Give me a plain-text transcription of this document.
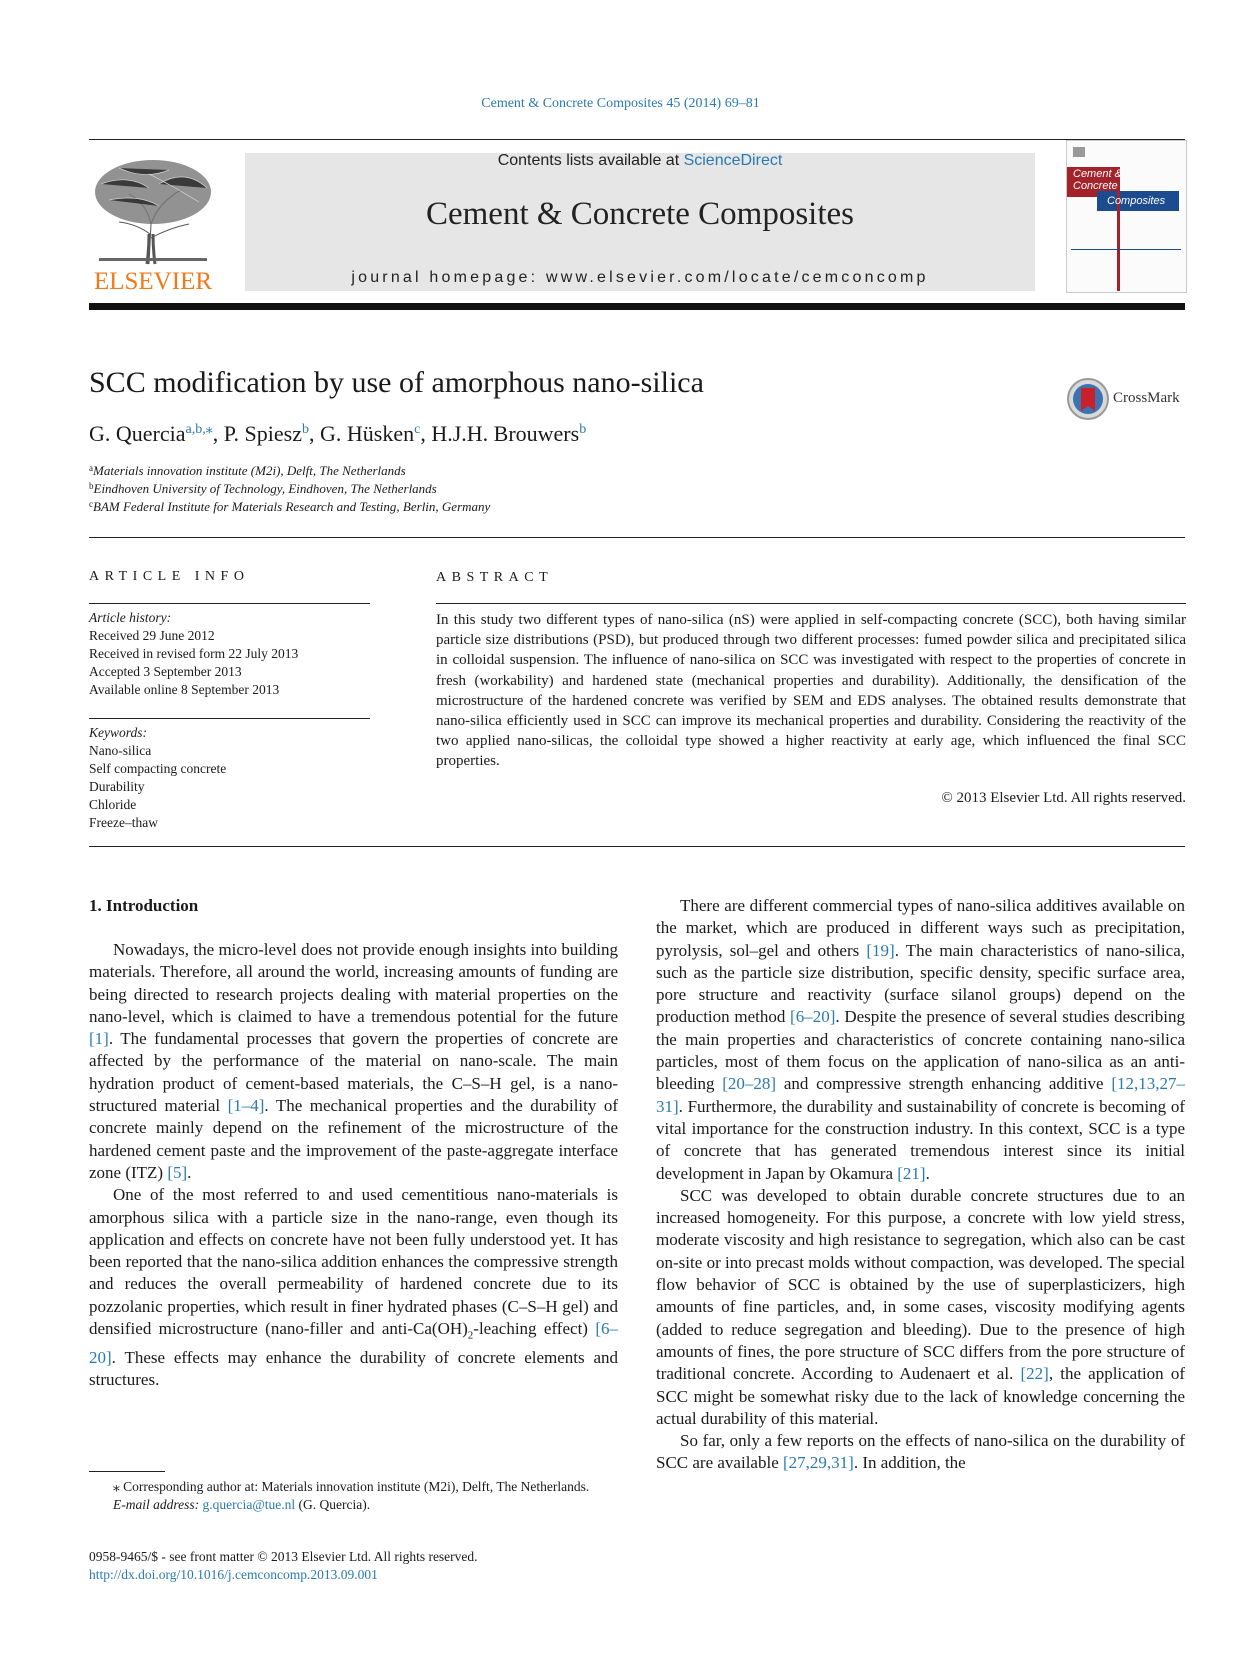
Cement & Concrete Composites 45 (2014) 69–81
ELSEVIER
Contents lists available at ScienceDirect
Cement & Concrete Composites
journal homepage: www.elsevier.com/locate/cemconcomp
Cement &
Concrete
Composites
SCC modification by use of amorphous nano-silica	CrossMark
G. Quercia$^{a,b,⁎}$, P. Spiesz$^b$, G. Hüsken$^c$, H.J.H. Brouwers$^b$
$^a$Materials innovation institute (M2i), Delft, The Netherlands
$^b$Eindhoven University of Technology, Eindhoven, The Netherlands
$^c$BAM Federal Institute for Materials Research and Testing, Berlin, Germany
ARTICLE INFO
Article history:
Received 29 June 2012
Received in revised form 22 July 2013
Accepted 3 September 2013
Available online 8 September 2013
Keywords:
Nano-silica
Self compacting concrete
Durability
Chloride
Freeze–thaw
ABSTRACT
In this study two different types of nano-silica (nS) were applied in self-compacting concrete (SCC), both having similar particle size distributions (PSD), but produced through two different processes: fumed powder silica and precipitated silica in colloidal suspension. The influence of nano-silica on SCC was investigated with respect to the properties of concrete in fresh (workability) and hardened state (mechanical properties and durability). Additionally, the densification of the microstructure of the hardened concrete was verified by SEM and EDS analyses. The obtained results demonstrate that nano-silica efficiently used in SCC can improve its mechanical properties and durability. Considering the reactivity of the two applied nano-silicas, the colloidal type showed a higher reactivity at early age, which influenced the final SCC properties.
© 2013 Elsevier Ltd. All rights reserved.
1. Introduction

Nowadays, the micro-level does not provide enough insights into building materials. Therefore, all around the world, increasing amounts of funding are being directed to research projects dealing with material properties on the nano-level, which is claimed to have a tremendous potential for the future [1]. The fundamental processes that govern the properties of concrete are affected by the performance of the material on nano-scale. The main hydration product of cement-based materials, the C–S–H gel, is a nano-structured material [1–4]. The mechanical properties and the durability of concrete mainly depend on the refinement of the microstructure of the hardened cement paste and the improvement of the paste-aggregate interface zone (ITZ) [5].

One of the most referred to and used cementitious nano-materials is amorphous silica with a particle size in the nano-range, even though its application and effects on concrete have not been fully understood yet. It has been reported that the nano-silica addition enhances the compressive strength and reduces the overall permeability of hardened concrete due to its pozzolanic properties, which result in finer hydrated phases (C–S–H gel) and densified microstructure (nano-filler and anti-$Ca(OH)_2$-leaching effect) [6–20]. These effects may enhance the durability of concrete elements and structures.

There are different commercial types of nano-silica additives available on the market, which are produced in different ways such as precipitation, pyrolysis, sol–gel and others [19]. The main characteristics of nano-silica, such as the particle size distribution, specific density, specific surface area, pore structure and reactivity (surface silanol groups) depend on the production method [6–20]. Despite the presence of several studies describing the main properties and characteristics of concrete containing nano-silica particles, most of them focus on the application of nano-silica as an anti-bleeding [20–28] and compressive strength enhancing additive [12,13,27–31]. Furthermore, the durability and sustainability of concrete is becoming of vital importance for the construction industry. In this context, SCC is a type of concrete that has generated tremendous interest since its initial development in Japan by Okamura [21].

SCC was developed to obtain durable concrete structures due to an increased homogeneity. For this purpose, a concrete with low yield stress, moderate viscosity and high resistance to segregation, which also can be cast on-site or into precast molds without compaction, was developed. The special flow behavior of SCC is obtained by the use of superplasticizers, high amounts of fine particles, and, in some cases, viscosity modifying agents (added to reduce segregation and bleeding). Due to the presence of high amounts of fines, the pore structure of SCC differs from the pore structure of traditional concrete. According to Audenaert et al. [22], the application of SCC might be somewhat risky due to the lack of knowledge concerning the actual durability of this material.

So far, only a few reports on the effects of nano-silica on the durability of SCC are available [27,29,31]. In addition, the

⁎ Corresponding author at: Materials innovation institute (M2i), Delft, The Netherlands.
E-mail address: g.quercia@tue.nl (G. Quercia).
0958-9465/$ - see front matter © 2013 Elsevier Ltd. All rights reserved.
http://dx.doi.org/10.1016/j.cemconcomp.2013.09.001
